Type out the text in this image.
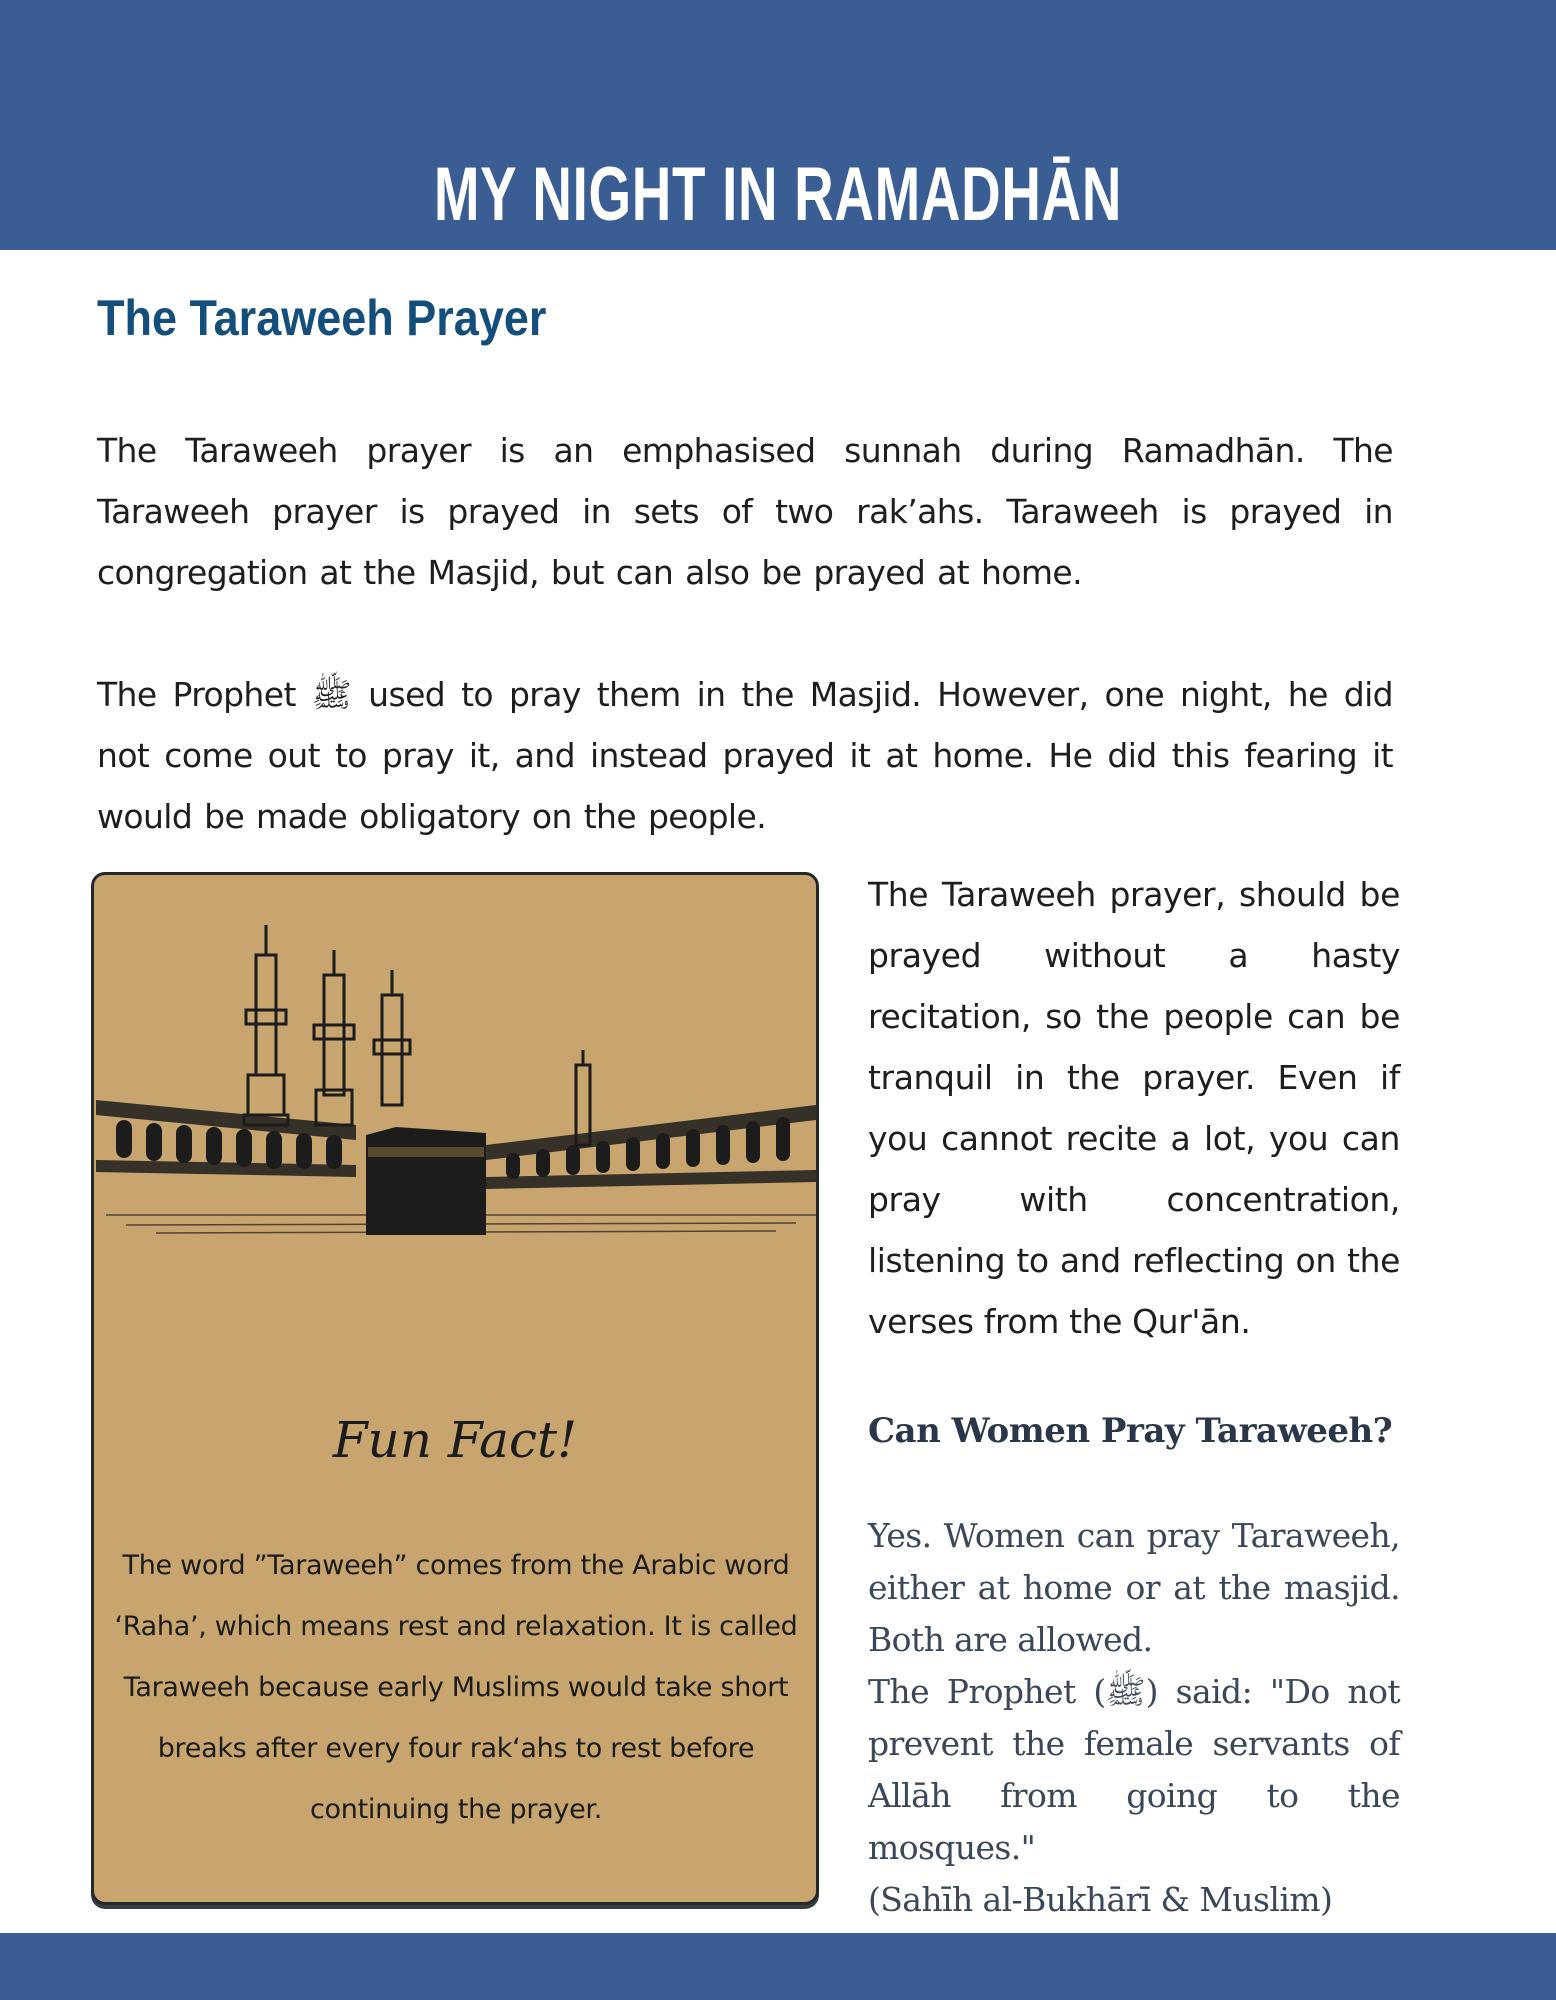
MY NIGHT IN RAMADHĀN
The Taraweeh Prayer

The Taraweeh prayer is an emphasised sunnah during Ramadhān. The Taraweeh prayer is prayed in sets of two rak’ahs. Taraweeh is prayed in congregation at the Masjid, but can also be prayed at home.

The Prophet ﷺ used to pray them in the Masjid. However, one night, he did not come out to pray it, and instead prayed it at home. He did this fearing it would be made obligatory on the people.

Fun Fact!
The word ”Taraweeh” comes from the Arabic word ‘Raha’, which means rest and relaxation. It is called Taraweeh because early Muslims would take short breaks after every four rak‘ahs to rest before continuing the prayer.

The Taraweeh prayer, should be prayed without a hasty recitation, so the people can be tranquil in the prayer. Even if you cannot recite a lot, you can pray with concentration, listening to and reflecting on the verses from the Qur'ān.

Can Women Pray Taraweeh?
Yes. Women can pray Taraweeh, either at home or at the masjid. Both are allowed.
The Prophet (ﷺ) said: "Do not prevent the female servants of Allāh from going to the mosques."
(Sahīh al-Bukhārī & Muslim)
